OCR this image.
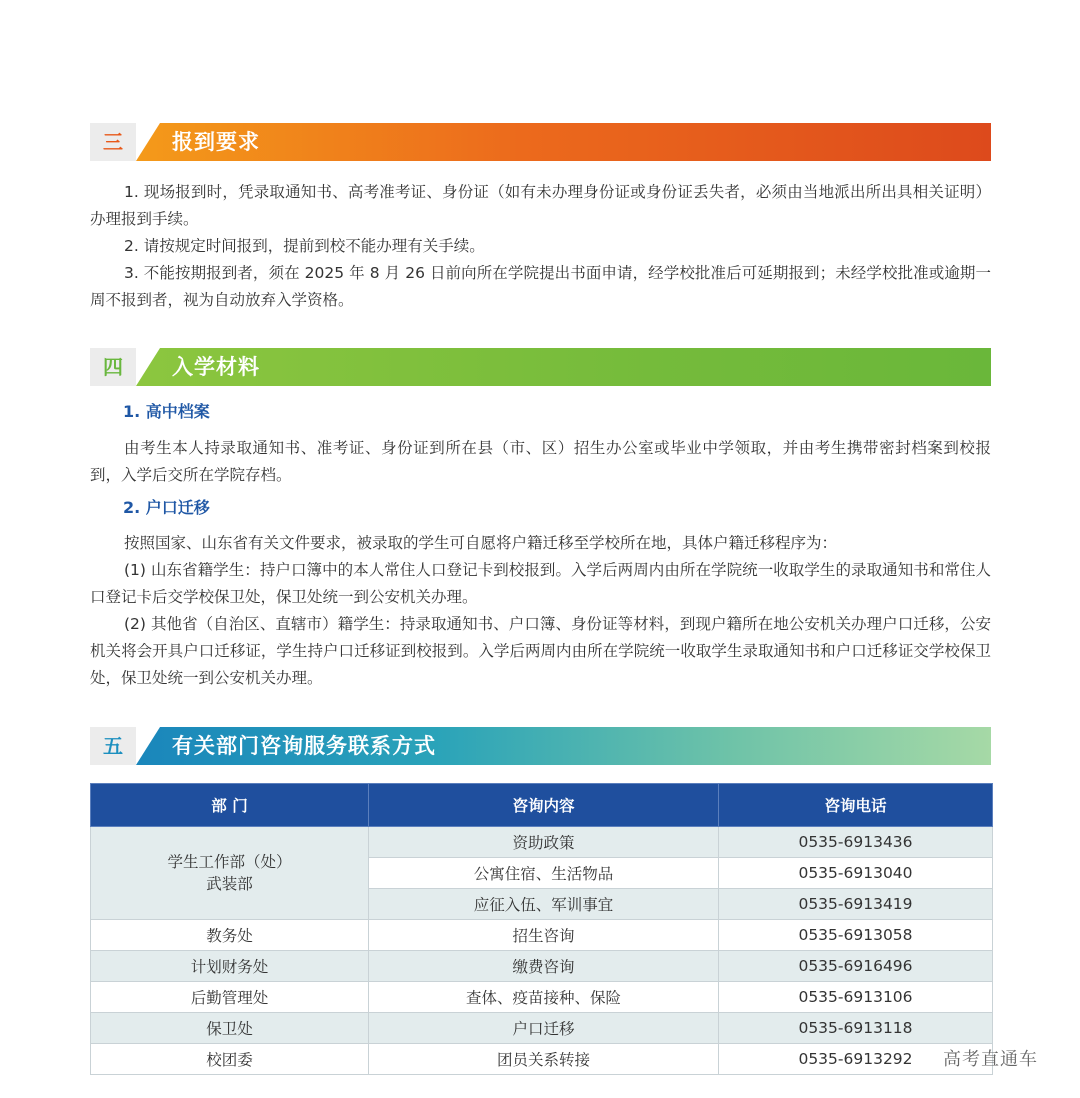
三	报到要求

1. 现场报到时，凭录取通知书、高考准考证、身份证（如有未办理身份证或身份证丢失者，必须由当地派出所出具相关证明）办理报到手续。

2. 请按规定时间报到，提前到校不能办理有关手续。

3. 不能按期报到者，须在 2025 年 8 月 26 日前向所在学院提出书面申请，经学校批准后可延期报到；未经学校批准或逾期一周不报到者，视为自动放弃入学资格。

四	入学材料

1. 高中档案

由考生本人持录取通知书、准考证、身份证到所在县（市、区）招生办公室或毕业中学领取，并由考生携带密封档案到校报到，入学后交所在学院存档。

2. 户口迁移

按照国家、山东省有关文件要求，被录取的学生可自愿将户籍迁移至学校所在地，具体户籍迁移程序为：

(1) 山东省籍学生：持户口簿中的本人常住人口登记卡到校报到。入学后两周内由所在学院统一收取学生的录取通知书和常住人口登记卡后交学校保卫处，保卫处统一到公安机关办理。

(2) 其他省（自治区、直辖市）籍学生：持录取通知书、户口簿、身份证等材料，到现户籍所在地公安机关办理户口迁移，公安机关将会开具户口迁移证，学生持户口迁移证到校报到。入学后两周内由所在学院统一收取学生录取通知书和户口迁移证交学校保卫处，保卫处统一到公安机关办理。

五	有关部门咨询服务联系方式
部 门	咨询内容	咨询电话

学生工作部（处）
武装部	资助政策	0535-6913436
	公寓住宿、生活物品	0535-6913040
	应征入伍、军训事宜	0535-6913419
教务处	招生咨询	0535-6913058
计划财务处	缴费咨询	0535-6916496
后勤管理处	查体、疫苗接种、保险	0535-6913106
保卫处	户口迁移	0535-6913118
校团委	团员关系转接	0535-6913292 高考直通车
